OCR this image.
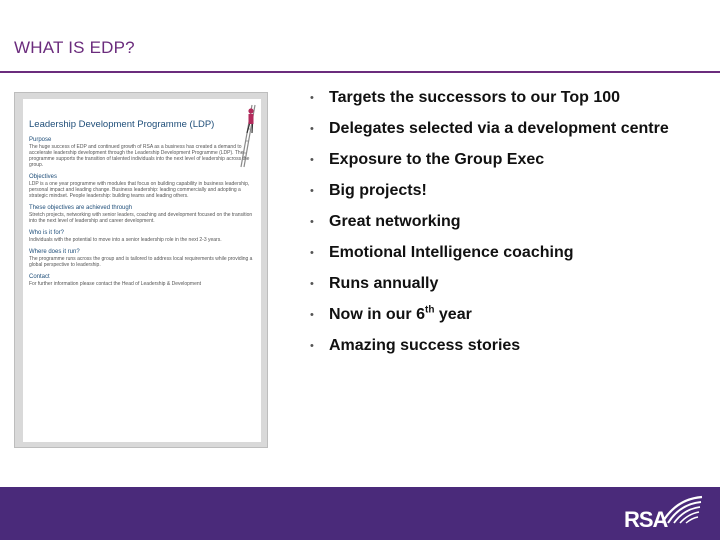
WHAT IS EDP?
Leadership Development Programme (LDP)
Purpose

The huge success of EDP and continued growth of RSA as a business has created a demand to accelerate leadership development through the Leadership Development Programme (LDP). The programme supports the transition of talented individuals into the next level of leadership across the group.

Objectives

LDP is a one year programme with modules that focus on building capability in business leadership, personal impact and leading change. Business leadership: leading commercially and adopting a strategic mindset. People leadership: building teams and leading others.

These objectives are achieved through

Stretch projects, networking with senior leaders, coaching and development focused on the transition into the next level of leadership and career development.

Who is it for?

Individuals with the potential to move into a senior leadership role in the next 2-3 years.

Where does it run?

The programme runs across the group and is tailored to address local requirements while providing a global perspective to leadership.

Contact

For further information please contact the Head of Leadership & Development

• Targets the successors to our Top 100
• Delegates selected via a development centre
• Exposure to the Group Exec
• Big projects!
• Great networking
• Emotional Intelligence coaching
• Runs annually
• Now in our 6th year
• Amazing success stories
RSA
